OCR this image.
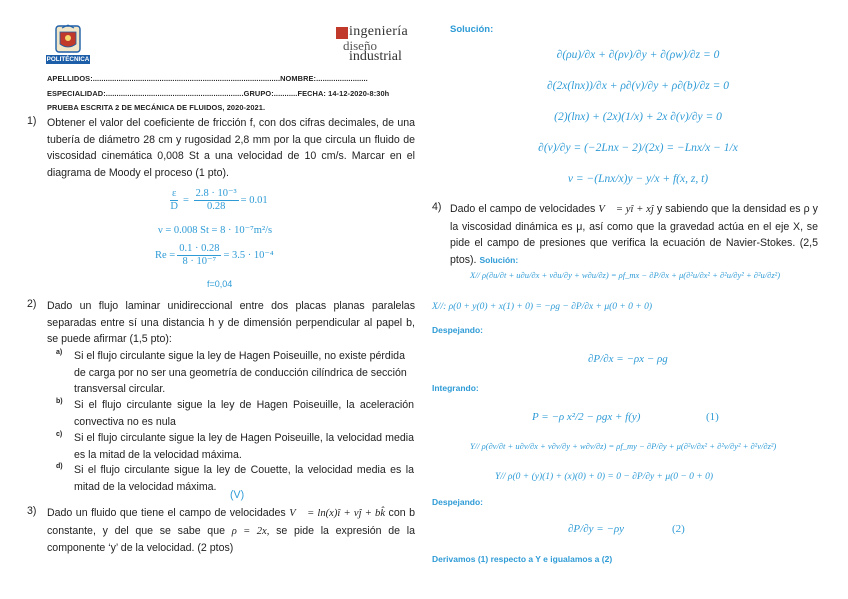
POLITÉCNICA
ingeniería
diseño
industrial
APELLIDOS:.......................................................................................NOMBRE:........................
ESPECIALIDAD:................................................................GRUPO:...........FECHA: 14-12-2020-8:30h
PRUEBA ESCRITA 2 DE MECÁNICA DE FLUIDOS, 2020-2021.
1) Obtener el valor del coeficiente de fricción f, con dos cifras decimales, de una tubería de diámetro 28 cm y rugosidad 2,8 mm por la que circula un fluido de viscosidad cinemática 0,008 St a una velocidad de 10 cm/s. Marcar en el diagrama de Moody el proceso (1 pto).
$\frac{\varepsilon}{D} = \frac{\text{2.8 · 10⁻³}}{0.28} = 0.01$
ν = 0.008 St = 8 · 10⁻⁷m²/s
$Re = \frac{0.1 \cdot 0.28}{\text{8 · 10⁻⁷}} = 3.5 \cdot 10^{-4}$
f=0,04
2) Dado un flujo laminar unidireccional entre dos placas planas paralelas separadas entre sí una distancia h y de dimensión perpendicular al papel b, se puede afirmar (1,5 pto):
a) Si el flujo circulante sigue la ley de Hagen Poiseuille, no existe pérdida de carga por no ser una geometría de conducción cilíndrica de sección transversal circular.
b) Si el flujo circulante sigue la ley de Hagen Poiseuille, la aceleración convectiva no es nula
c) Si el flujo circulante sigue la ley de Hagen Poiseuille, la velocidad media es la mitad de la velocidad máxima.
d) Si el flujo circulante sigue la ley de Couette, la velocidad media es la mitad de la velocidad máxima.
(V)
3) Dado un fluido que tiene el campo de velocidades V⃗ = ln(x)î + vĵ + bk̂ con b constante, y del que se sabe que ρ = 2x, se pide la expresión de la componente ‘y’ de la velocidad. (2 ptos)
Solución:
∂(ρu)/∂x + ∂(ρv)/∂y + ∂(ρw)/∂z = 0
∂(2x(lnx))/∂x + ρ∂(v)/∂y + ρ∂(b)/∂z = 0
(2)(lnx) + (2x)(1/x) + 2x ∂(v)/∂y = 0
∂(v)/∂y = (−2Lnx − 2)/(2x) = −Lnx/x − 1/x
v = −(Lnx/x)y − y/x + f(x, z, t)
4) Dado el campo de velocidades V⃗ = yî + xĵ y sabiendo que la densidad es ρ y la viscosidad dinámica es μ, así como que la gravedad actúa en el eje X, se pide el campo de presiones que verifica la ecuación de Navier-Stokes. (2,5 ptos). Solución:
X// ρ(∂u/∂t + u∂u/∂x + v∂u/∂y + w∂u/∂z) = ρf_mx − ∂P/∂x + μ(∂²u/∂x² + ∂²u/∂y² + ∂²u/∂z²)
X//: ρ(0 + y(0) + x(1) + 0) = −ρg − ∂P/∂x + μ(0 + 0 + 0)
Despejando:
∂P/∂x = −ρx − ρg
Integrando:
P = −ρ x²/2 − ρgx + f(y)	(1)
Y// ρ(∂v/∂t + u∂v/∂x + v∂v/∂y + w∂v/∂z) = ρf_my − ∂P/∂y + μ(∂²v/∂x² + ∂²v/∂y² + ∂²v/∂z²)
Y// ρ(0 + (y)(1) + (x)(0) + 0) = 0 − ∂P/∂y + μ(0 − 0 + 0)
Despejando:
∂P/∂y = −ρy	(2)
Derivamos (1) respecto a Y e igualamos a (2)
